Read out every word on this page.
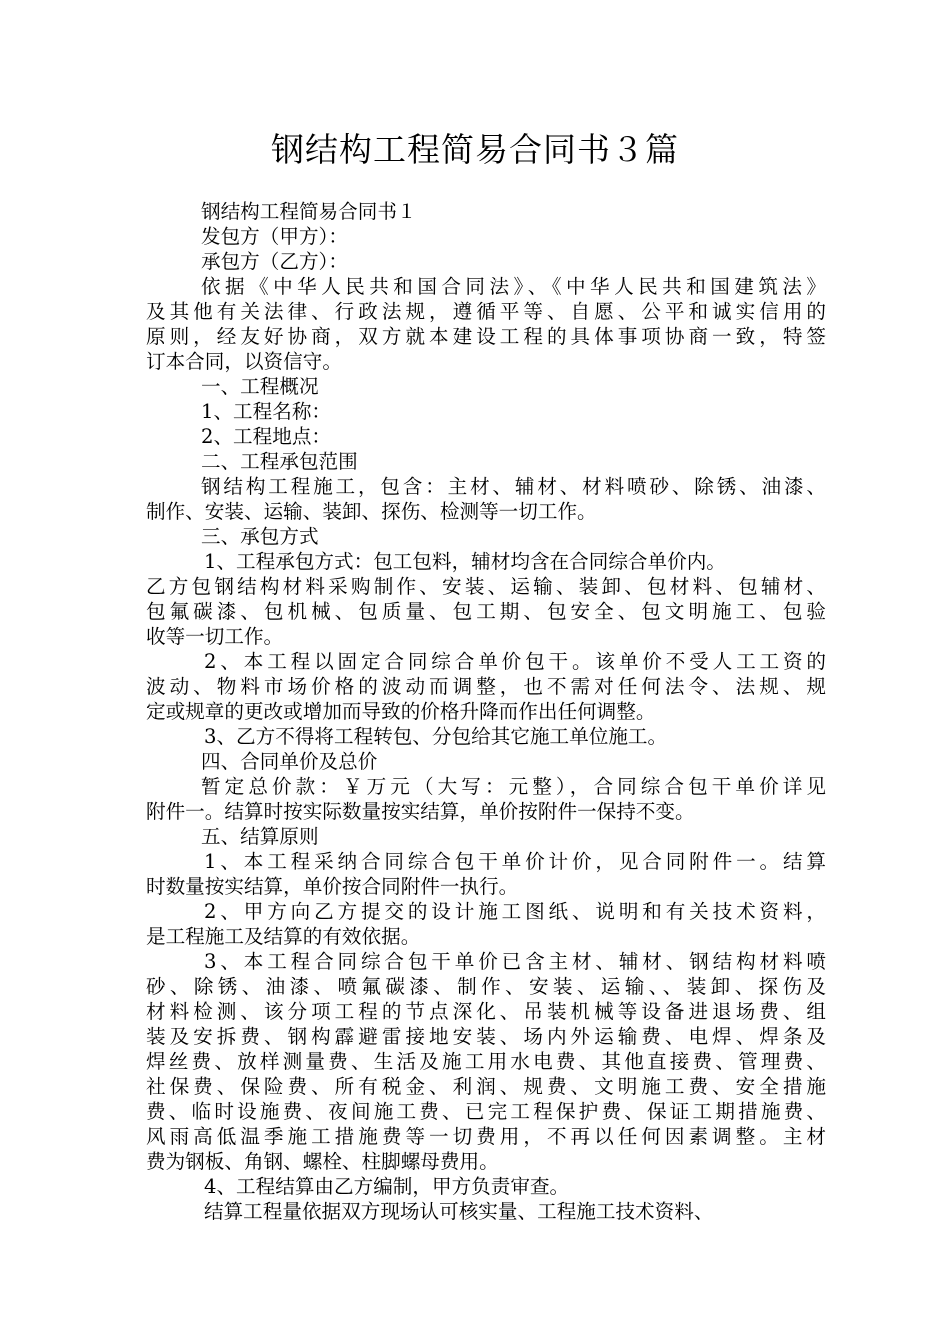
钢结构工程简易合同书３篇
钢结构工程简易合同书１
发包方（甲方）：
承包方（乙方）：
依据《中华人民共和国合同法》、《中华人民共和国建筑法》
及其他有关法律、行政法规，遵循平等、自愿、公平和诚实信用的
原则，经友好协商，双方就本建设工程的具体事项协商一致，特签
订本合同，以资信守。
一、工程概况
1、工程名称：
2、工程地点：
二、工程承包范围
钢结构工程施工，包含：主材、辅材、材料喷砂、除锈、油漆、
制作、安装、运输、装卸、探伤、检测等一切工作。
三、承包方式
1、工程承包方式：包工包料，辅材均含在合同综合单价内。
乙方包钢结构材料采购制作、安装、运输、装卸、包材料、包辅材、
包氟碳漆、包机械、包质量、包工期、包安全、包文明施工、包验
收等一切工作。
2、本工程以固定合同综合单价包干。该单价不受人工工资的
波动、物料市场价格的波动而调整，也不需对任何法令、法规、规
定或规章的更改或增加而导致的价格升降而作出任何调整。
3、乙方不得将工程转包、分包给其它施工单位施工。
四、合同单价及总价
暂定总价款：￥万元（大写：元整），合同综合包干单价详见
附件一。结算时按实际数量按实结算，单价按附件一保持不变。
五、结算原则
1、本工程采纳合同综合包干单价计价，见合同附件一。结算
时数量按实结算，单价按合同附件一执行。
2、甲方向乙方提交的设计施工图纸、说明和有关技术资料，
是工程施工及结算的有效依据。
3、本工程合同综合包干单价已含主材、辅材、钢结构材料喷
砂、除锈、油漆、喷氟碳漆、制作、安装、运输、、装卸、探伤及
材料检测、该分项工程的节点深化、吊装机械等设备进退场费、组
装及安拆费、钢构霹避雷接地安装、场内外运输费、电焊、焊条及
焊丝费、放样测量费、生活及施工用水电费、其他直接费、管理费、
社保费、保险费、所有税金、利润、规费、文明施工费、安全措施
费、临时设施费、夜间施工费、已完工程保护费、保证工期措施费、
风雨高低温季施工措施费等一切费用，不再以任何因素调整。主材
费为钢板、角钢、螺栓、柱脚螺母费用。
4、工程结算由乙方编制，甲方负责审查。
结算工程量依据双方现场认可核实量、工程施工技术资料、
